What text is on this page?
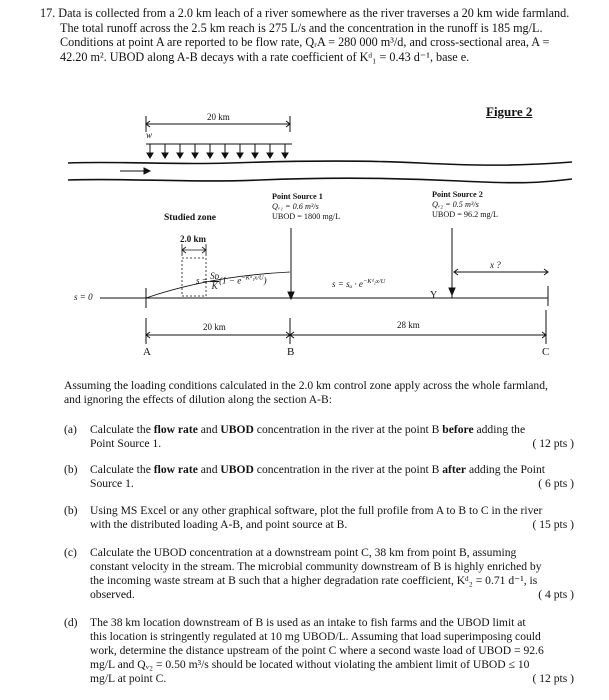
17. Data is collected from a 2.0 km leach of a river somewhere as the river traverses a 20 km wide farmland.
The total runoff across the 2.5 km reach is 275 L/s and the concentration in the runoff is 185 mg/L.
Conditions at point A are reported to be flow rate, QᵣA = 280 000 m³/d, and cross-sectional area, A =
42.20 m². UBOD along A-B decays with a rate coefficient of Kᵈ₁ = 0.43 d⁻¹, base e.
Figure 2
20 km
w
Studied zone
2.0 km
Point Source 1
Qᵥ₁ = 0.6 m³/s
UBOD = 1800 mg/L
Point Source 2
Qᵥ₂ = 0.5 m³/s
UBOD = 96.2 mg/L
$s = \frac{\text{Sᴅ}}{K} (1 - e^{-Kᵈ_1x/U})$	$s = s_o \cdot e^{-Kᵈ_2x/U}$
x ?
Y
s = 0
20 km	28 km
A	B	C
Assuming the loading conditions calculated in the 2.0 km control zone apply across the whole farmland,
and ignoring the effects of dilution along the section A-B:
(a) Calculate the flow rate and UBOD concentration in the river at the point B before adding the
Point Source 1.	( 12 pts )
(b) Calculate the flow rate and UBOD concentration in the river at the point B after adding the Point
Source 1.	( 6 pts )
(b) Using MS Excel or any other graphical software, plot the full profile from A to B to C in the river
with the distributed loading A-B, and point source at B.	( 15 pts )
(c) Calculate the UBOD concentration at a downstream point C, 38 km from point B, assuming
constant velocity in the stream. The microbial community downstream of B is highly enriched by
the incoming waste stream at B such that a higher degradation rate coefficient, Kᵈ₂ = 0.71 d⁻¹, is
observed.	( 4 pts )
(d) The 38 km location downstream of B is used as an intake to fish farms and the UBOD limit at
this location is stringently regulated at 10 mg UBOD/L. Assuming that load superimposing could
work, determine the distance upstream of the point C where a second waste load of UBOD = 92.6
mg/L and Qᵥ₂ = 0.50 m³/s should be located without violating the ambient limit of UBOD ≤ 10
mg/L at point C.	( 12 pts )
